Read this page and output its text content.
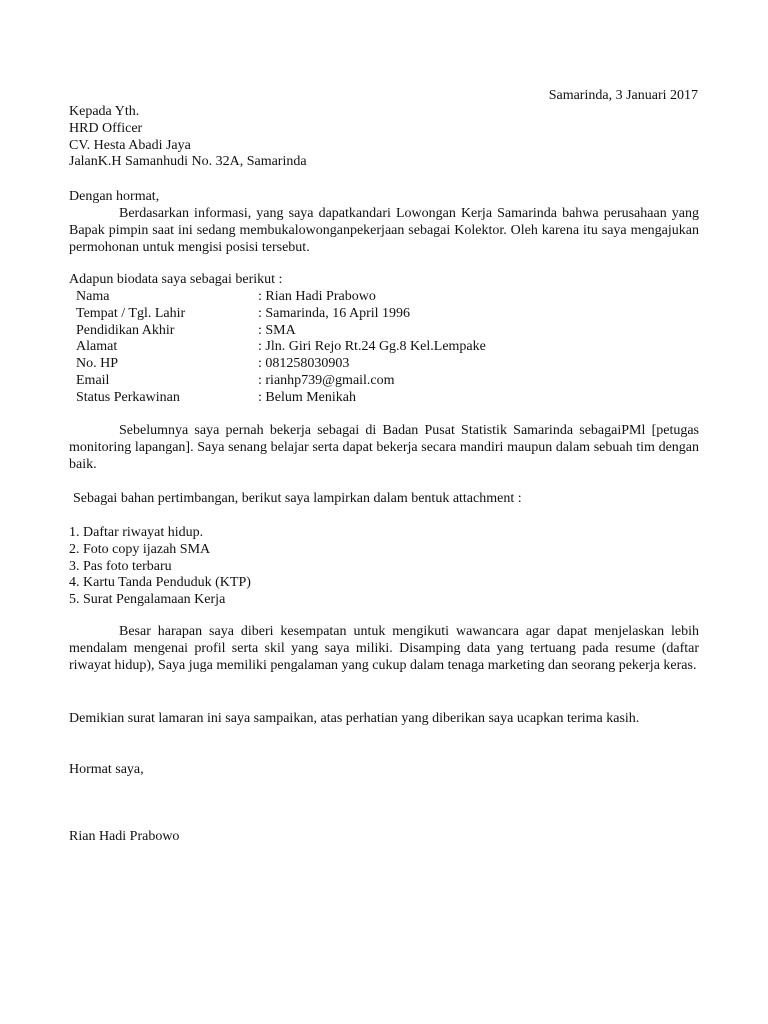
Samarinda, 3 Januari 2017
Kepada Yth.
HRD Officer
CV. Hesta Abadi Jaya
JalanK.H Samanhudi No. 32A, Samarinda
Dengan hormat,

Berdasarkan informasi, yang saya dapatkandari Lowongan Kerja Samarinda bahwa perusahaan yang Bapak pimpin saat ini sedang membukalowonganpekerjaan sebagai Kolektor. Oleh karena itu saya mengajukan permohonan untuk mengisi posisi tersebut.

Adapun biodata saya sebagai berikut :
Nama	: Rian Hadi Prabowo
Tempat / Tgl. Lahir	: Samarinda, 16 April 1996
Pendidikan Akhir	: SMA
Alamat	: Jln. Giri Rejo Rt.24 Gg.8 Kel.Lempake
No. HP	: 081258030903
Email	: rianhp739@gmail.com
Status Perkawinan	: Belum Menikah

Sebelumnya saya pernah bekerja sebagai di Badan Pusat Statistik Samarinda sebagaiPMl [petugas monitoring lapangan]. Saya senang belajar serta dapat bekerja secara mandiri maupun dalam sebuah tim dengan baik.

Sebagai bahan pertimbangan, berikut saya lampirkan dalam bentuk attachment :
1. Daftar riwayat hidup.
2. Foto copy ijazah SMA
3. Pas foto terbaru
4. Kartu Tanda Penduduk (KTP)
5. Surat Pengalamaan Kerja

Besar harapan saya diberi kesempatan untuk mengikuti wawancara agar dapat menjelaskan lebih mendalam mengenai profil serta skil yang saya miliki. Disamping data yang tertuang pada resume (daftar riwayat hidup), Saya juga memiliki pengalaman yang cukup dalam tenaga marketing dan seorang pekerja keras.

Demikian surat lamaran ini saya sampaikan, atas perhatian yang diberikan saya ucapkan terima kasih.

Hormat saya,
Rian Hadi Prabowo
